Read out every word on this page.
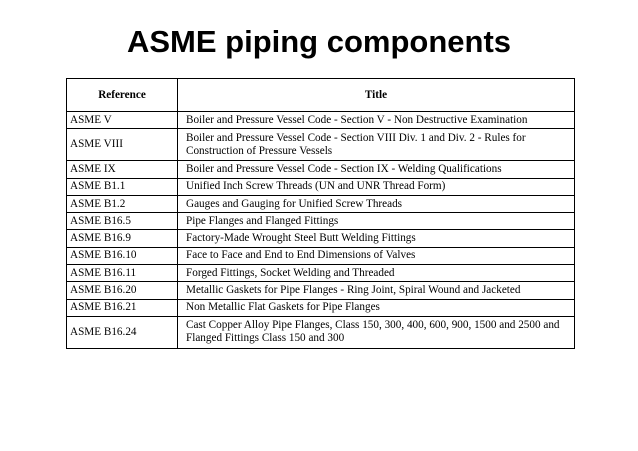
ASME piping components
Reference	Title
ASME V	Boiler and Pressure Vessel Code - Section V - Non Destructive Examination
ASME VIII	Boiler and Pressure Vessel Code - Section VIII Div. 1 and Div. 2 - Rules for Construction of Pressure Vessels
ASME IX	Boiler and Pressure Vessel Code - Section IX - Welding Qualifications
ASME B1.1	Unified Inch Screw Threads (UN and UNR Thread Form)
ASME B1.2	Gauges and Gauging for Unified Screw Threads
ASME B16.5	Pipe Flanges and Flanged Fittings
ASME B16.9	Factory-Made Wrought Steel Butt Welding Fittings
ASME B16.10	Face to Face and End to End Dimensions of Valves
ASME B16.11	Forged Fittings, Socket Welding and Threaded
ASME B16.20	Metallic Gaskets for Pipe Flanges - Ring Joint, Spiral Wound and Jacketed
ASME B16.21	Non Metallic Flat Gaskets for Pipe Flanges
ASME B16.24	Cast Copper Alloy Pipe Flanges, Class 150, 300, 400, 600, 900, 1500 and 2500 and Flanged Fittings Class 150 and 300
